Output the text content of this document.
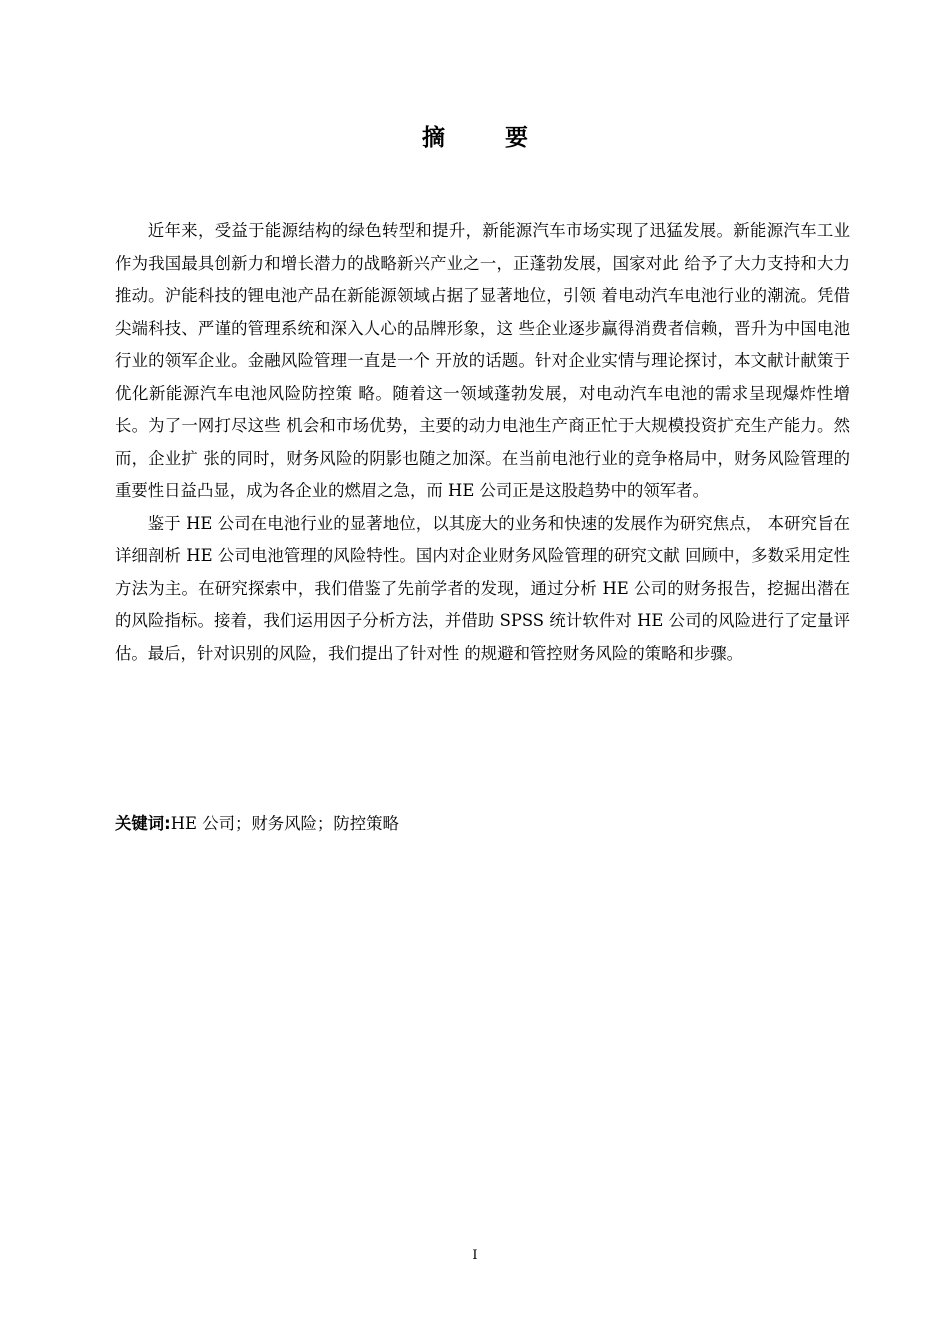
摘 要

近年来，受益于能源结构的绿色转型和提升，新能源汽车市场实现了迅猛发展。新能源汽车工业作为我国最具创新力和增长潜力的战略新兴产业之一，正蓬勃发展，国家对此 给予了大力支持和大力推动。沪能科技的锂电池产品在新能源领域占据了显著地位，引领 着电动汽车电池行业的潮流。凭借尖端科技、严谨的管理系统和深入人心的品牌形象，这 些企业逐步赢得消费者信赖，晋升为中国电池行业的领军企业。金融风险管理一直是一个 开放的话题。针对企业实情与理论探讨，本文献计献策于优化新能源汽车电池风险防控策 略。随着这一领域蓬勃发展，对电动汽车电池的需求呈现爆炸性增长。为了一网打尽这些 机会和市场优势，主要的动力电池生产商正忙于大规模投资扩充生产能力。然而，企业扩 张的同时，财务风险的阴影也随之加深。在当前电池行业的竞争格局中，财务风险管理的 重要性日益凸显，成为各企业的燃眉之急，而 HE 公司正是这股趋势中的领军者。

鉴于 HE 公司在电池行业的显著地位，以其庞大的业务和快速的发展作为研究焦点， 本研究旨在详细剖析 HE 公司电池管理的风险特性。国内对企业财务风险管理的研究文献 回顾中，多数采用定性方法为主。在研究探索中，我们借鉴了先前学者的发现，通过分析 HE 公司的财务报告，挖掘出潜在的风险指标。接着，我们运用因子分析方法，并借助 SPSS 统计软件对 HE 公司的风险进行了定量评估。最后，针对识别的风险，我们提出了针对性 的规避和管控财务风险的策略和步骤。

关键词:HE 公司；财务风险；防控策略
I
